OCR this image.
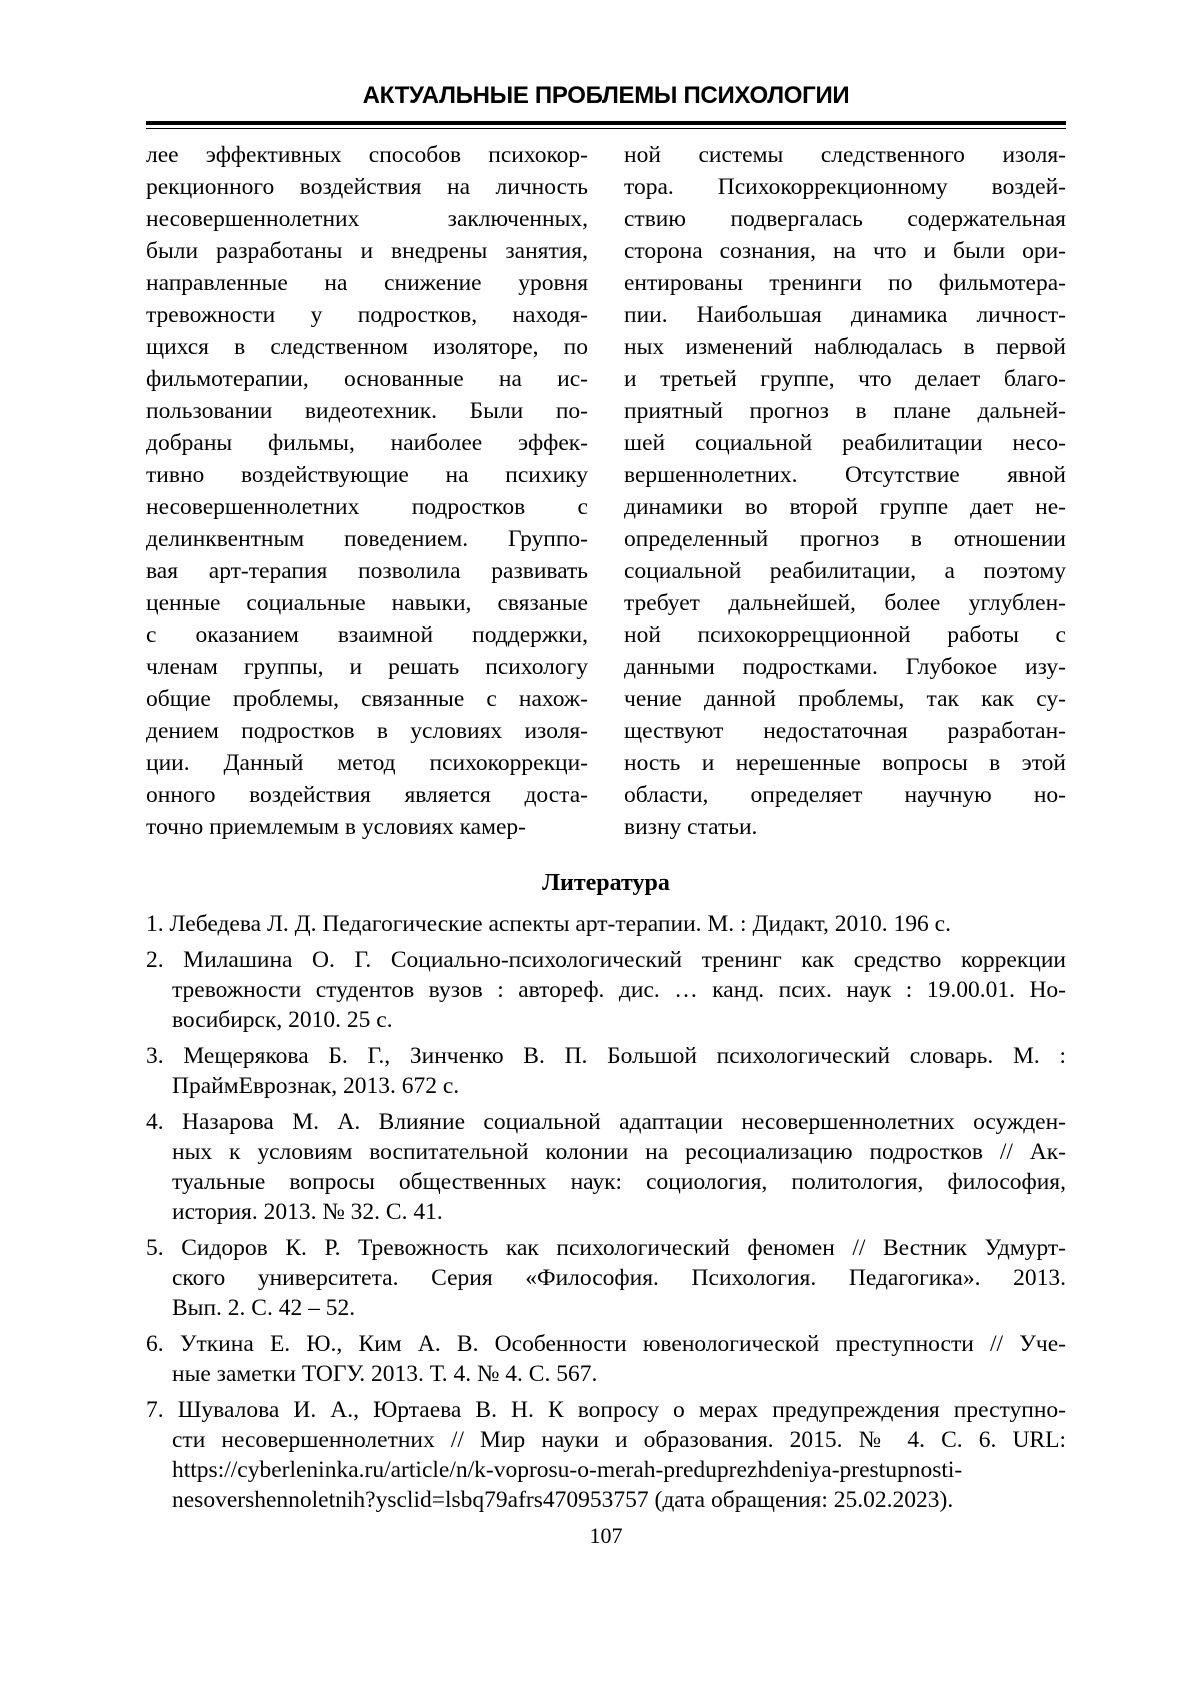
АКТУАЛЬНЫЕ ПРОБЛЕМЫ ПСИХОЛОГИИ
лее эффективных способов психокор-
рекционного воздействия на личность
несовершеннолетних заключенных,
были разработаны и внедрены занятия,
направленные на снижение уровня
тревожности у подростков, находя-
щихся в следственном изоляторе, по
фильмотерапии, основанные на ис-
пользовании видеотехник. Были по-
добраны фильмы, наиболее эффек-
тивно воздействующие на психику
несовершеннолетних подростков с
делинквентным поведением. Группо-
вая арт-терапия позволила развивать
ценные социальные навыки, связаные
с оказанием взаимной поддержки,
членам группы, и решать психологу
общие проблемы, связанные с нахож-
дением подростков в условиях изоля-
ции. Данный метод психокоррекци-
онного воздействия является доста-
точно приемлемым в условиях камер-
ной системы следственного изоля-
тора. Психокоррекционному воздей-
ствию подвергалась содержательная
сторона сознания, на что и были ори-
ентированы тренинги по фильмотера-
пии. Наибольшая динамика личност-
ных изменений наблюдалась в первой
и третьей группе, что делает благо-
приятный прогноз в плане дальней-
шей социальной реабилитации несо-
вершеннолетних. Отсутствие явной
динамики во второй группе дает не-
определенный прогноз в отношении
социальной реабилитации, а поэтому
требует дальнейшей, более углублен-
ной психокоррецционной работы с
данными подростками. Глубокое изу-
чение данной проблемы, так как су-
ществуют недостаточная разработан-
ность и нерешенные вопросы в этой
области, определяет научную но-
визну статьи.
Литература
1. Лебедева Л. Д. Педагогические аспекты арт-терапии. М. : Дидакт, 2010. 196 с.
2. Милашина О. Г. Социально-психологический тренинг как средство коррекции
тревожности студентов вузов : автореф. дис. … канд. псих. наук : 19.00.01. Но-
восибирск, 2010. 25 с.
3. Мещерякова Б. Г., Зинченко В. П. Большой психологический словарь. М. :
ПраймЕврознак, 2013. 672 с.
4. Назарова М. А. Влияние социальной адаптации несовершеннолетних осужден-
ных к условиям воспитательной колонии на ресоциализацию подростков // Ак-
туальные вопросы общественных наук: социология, политология, философия,
история. 2013. № 32. С. 41.
5. Сидоров К. Р. Тревожность как психологический феномен // Вестник Удмурт-
ского университета. Серия «Философия. Психология. Педагогика». 2013.
Вып. 2. С. 42 – 52.
6. Уткина Е. Ю., Ким А. В. Особенности ювенологической преступности // Уче-
ные заметки ТОГУ. 2013. Т. 4. № 4. С. 567.
7. Шувалова И. А., Юртаева В. Н. К вопросу о мерах предупреждения преступно-
сти несовершеннолетних // Мир науки и образования. 2015. № 4. С. 6. URL:
https://cyberleninka.ru/article/n/k-voprosu-o-merah-preduprezhdeniya-prestupnosti-
nesovershennoletnih?ysclid=lsbq79afrs470953757 (дата обращения: 25.02.2023).
107
